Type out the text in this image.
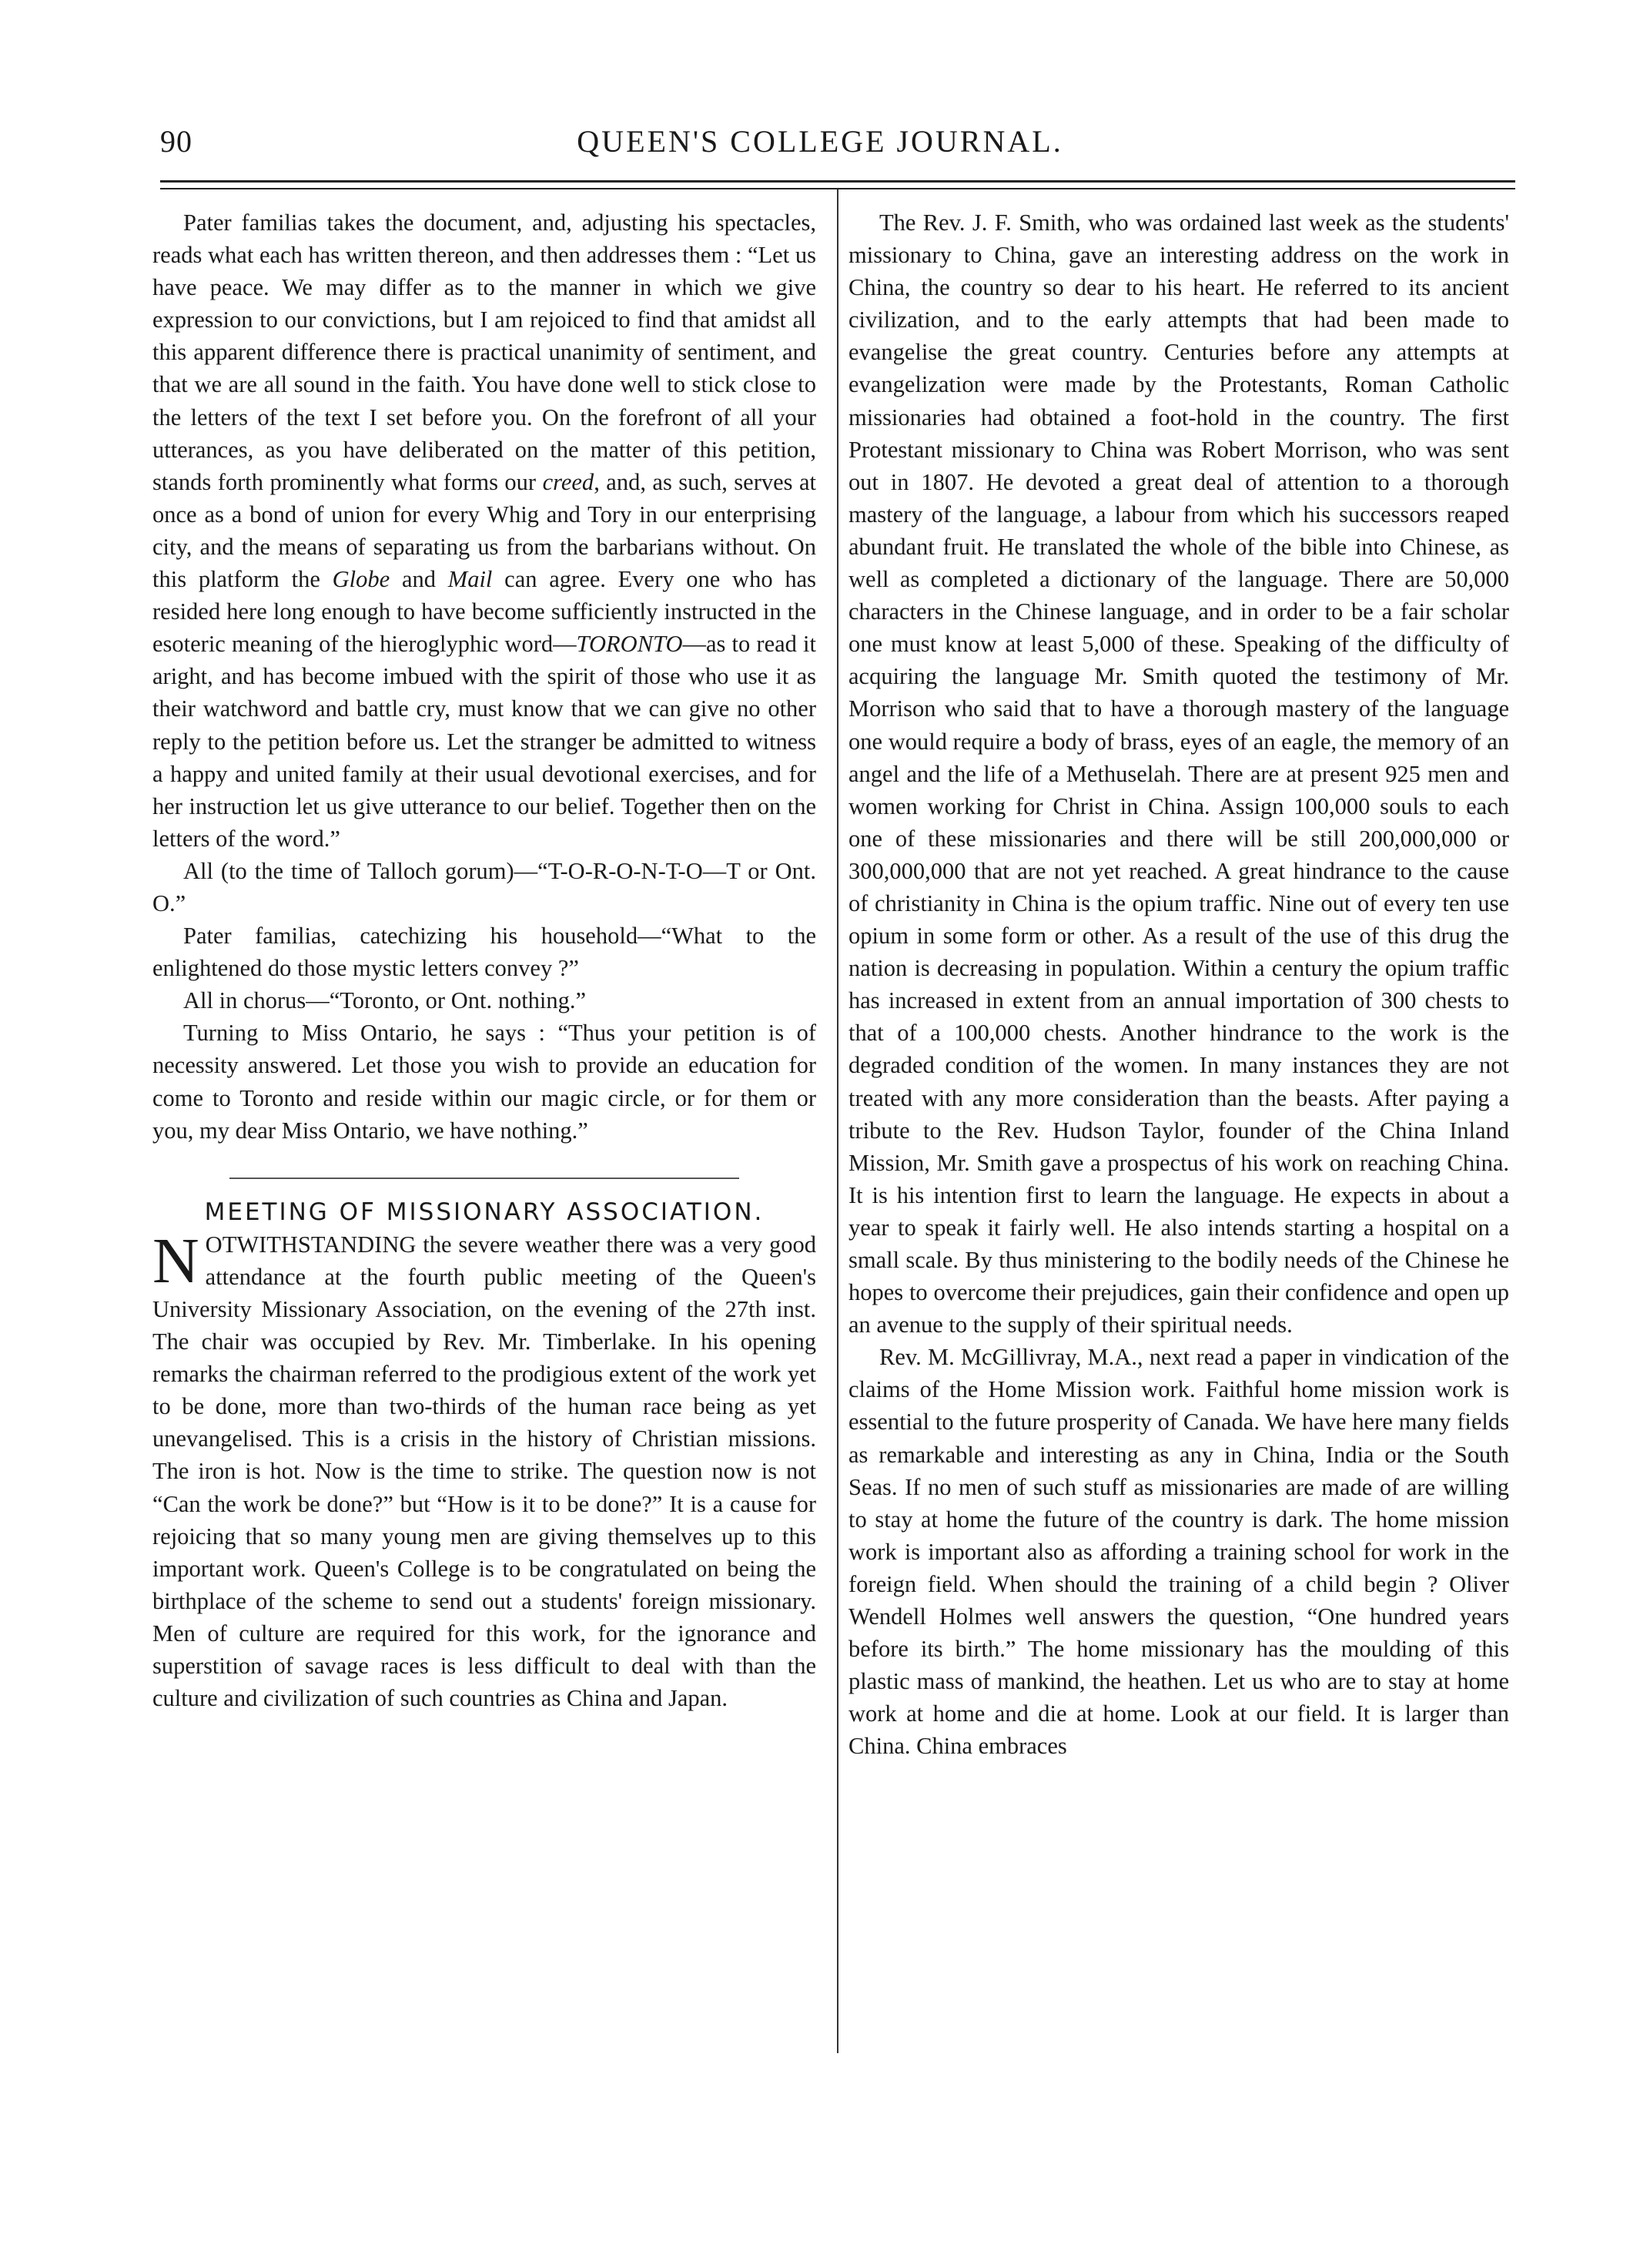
90	QUEEN'S COLLEGE JOURNAL.

Pater familias takes the document, and, adjusting his spectacles, reads what each has written thereon, and then addresses them : “Let us have peace. We may differ as to the manner in which we give expression to our convictions, but I am rejoiced to find that amidst all this apparent difference there is practical unanimity of sentiment, and that we are all sound in the faith. You have done well to stick close to the letters of the text I set before you. On the forefront of all your utterances, as you have deliberated on the matter of this petition, stands forth prominently what forms our creed, and, as such, serves at once as a bond of union for every Whig and Tory in our enterprising city, and the means of separating us from the barbarians without. On this platform the Globe and Mail can agree. Every one who has resided here long enough to have become sufficiently instructed in the esoteric meaning of the hieroglyphic word—TORONTO—as to read it aright, and has become imbued with the spirit of those who use it as their watchword and battle cry, must know that we can give no other reply to the petition before us. Let the stranger be admitted to witness a happy and united family at their usual devotional exercises, and for her instruction let us give utterance to our belief. Together then on the letters of the word.”

All (to the time of Talloch gorum)—“T-O-R-O-N-T-O—T or Ont. O.”

Pater familias, catechizing his household—“What to the enlightened do those mystic letters convey ?”

All in chorus—“Toronto, or Ont. nothing.”

Turning to Miss Ontario, he says : “Thus your petition is of necessity answered. Let those you wish to provide an education for come to Toronto and reside within our magic circle, or for them or you, my dear Miss Ontario, we have nothing.”

MEETING OF MISSIONARY ASSOCIATION.

NOTWITHSTANDING the severe weather there was a very good attendance at the fourth public meeting of the Queen's University Missionary Association, on the evening of the 27th inst. The chair was occupied by Rev. Mr. Timberlake. In his opening remarks the chairman referred to the prodigious extent of the work yet to be done, more than two-thirds of the human race being as yet unevangelised. This is a crisis in the history of Christian missions. The iron is hot. Now is the time to strike. The question now is not “Can the work be done?” but “How is it to be done?” It is a cause for rejoicing that so many young men are giving themselves up to this important work. Queen's College is to be congratulated on being the birthplace of the scheme to send out a students' foreign missionary. Men of culture are required for this work, for the ignorance and superstition of savage races is less difficult to deal with than the culture and civilization of such countries as China and Japan.

The Rev. J. F. Smith, who was ordained last week as the students' missionary to China, gave an interesting address on the work in China, the country so dear to his heart. He referred to its ancient civilization, and to the early attempts that had been made to evangelise the great country. Centuries before any attempts at evangelization were made by the Protestants, Roman Catholic missionaries had obtained a foot-hold in the country. The first Protestant missionary to China was Robert Morrison, who was sent out in 1807. He devoted a great deal of attention to a thorough mastery of the language, a labour from which his successors reaped abundant fruit. He translated the whole of the bible into Chinese, as well as completed a dictionary of the language. There are 50,000 characters in the Chinese language, and in order to be a fair scholar one must know at least 5,000 of these. Speaking of the difficulty of acquiring the language Mr. Smith quoted the testimony of Mr. Morrison who said that to have a thorough mastery of the language one would require a body of brass, eyes of an eagle, the memory of an angel and the life of a Methuselah. There are at present 925 men and women working for Christ in China. Assign 100,000 souls to each one of these missionaries and there will be still 200,000,000 or 300,000,000 that are not yet reached. A great hindrance to the cause of christianity in China is the opium traffic. Nine out of every ten use opium in some form or other. As a result of the use of this drug the nation is decreasing in population. Within a century the opium traffic has increased in extent from an annual importation of 300 chests to that of a 100,000 chests. Another hindrance to the work is the degraded condition of the women. In many instances they are not treated with any more consideration than the beasts. After paying a tribute to the Rev. Hudson Taylor, founder of the China Inland Mission, Mr. Smith gave a prospectus of his work on reaching China. It is his intention first to learn the language. He expects in about a year to speak it fairly well. He also intends starting a hospital on a small scale. By thus ministering to the bodily needs of the Chinese he hopes to overcome their prejudices, gain their confidence and open up an avenue to the supply of their spiritual needs.

Rev. M. McGillivray, M.A., next read a paper in vindication of the claims of the Home Mission work. Faithful home mission work is essential to the future prosperity of Canada. We have here many fields as remarkable and interesting as any in China, India or the South Seas. If no men of such stuff as missionaries are made of are willing to stay at home the future of the country is dark. The home mission work is important also as affording a training school for work in the foreign field. When should the training of a child begin ? Oliver Wendell Holmes well answers the question, “One hundred years before its birth.” The home missionary has the moulding of this plastic mass of mankind, the heathen. Let us who are to stay at home work at home and die at home. Look at our field. It is larger than China. China embraces
